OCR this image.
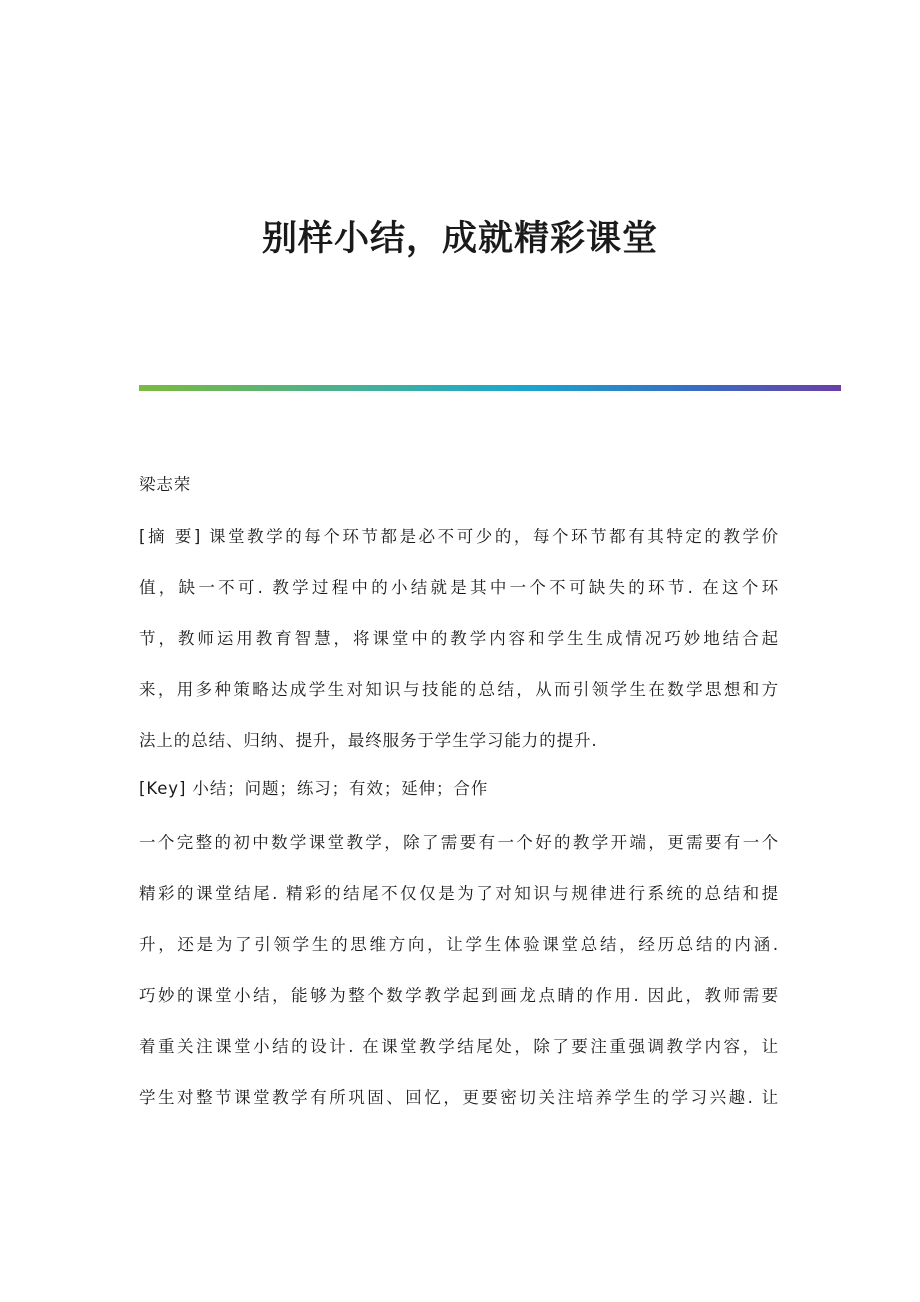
别样小结，成就精彩课堂
梁志荣
[摘 要] 课堂教学的每个环节都是必不可少的，每个环节都有其特定的教学价
值，缺一不可. 教学过程中的小结就是其中一个不可缺失的环节. 在这个环
节，教师运用教育智慧，将课堂中的教学内容和学生生成情况巧妙地结合起
来，用多种策略达成学生对知识与技能的总结，从而引领学生在数学思想和方
法上的总结、归纳、提升，最终服务于学生学习能力的提升.
[Key] 小结；问题；练习；有效；延伸；合作
一个完整的初中数学课堂教学，除了需要有一个好的教学开端，更需要有一个
精彩的课堂结尾. 精彩的结尾不仅仅是为了对知识与规律进行系统的总结和提
升，还是为了引领学生的思维方向，让学生体验课堂总结，经历总结的内涵.
巧妙的课堂小结，能够为整个数学教学起到画龙点睛的作用. 因此，教师需要
着重关注课堂小结的设计. 在课堂教学结尾处，除了要注重强调教学内容，让
学生对整节课堂教学有所巩固、回忆，更要密切关注培养学生的学习兴趣. 让
